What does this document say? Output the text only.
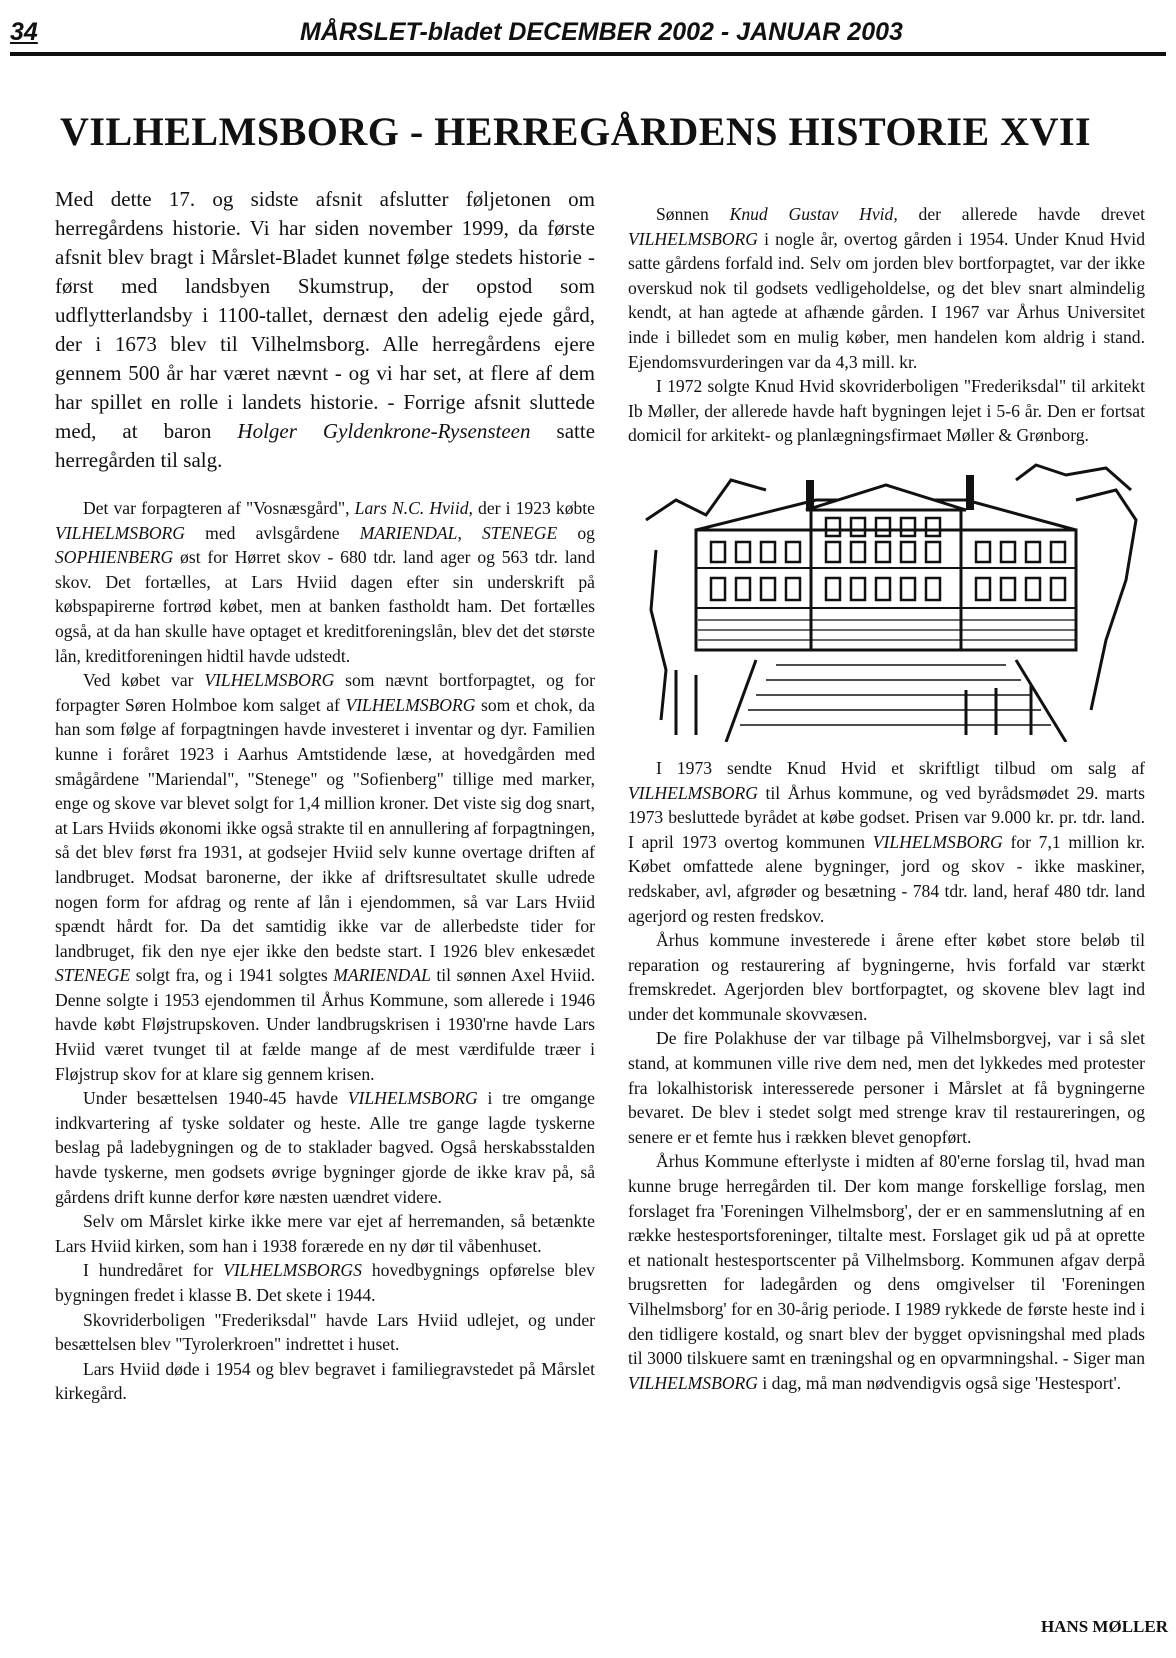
34	MÅRSLET-bladet DECEMBER 2002 - JANUAR 2003
VILHELMSBORG - HERREGÅRDENS HISTORIE XVII

Med dette 17. og sidste afsnit afslutter føljetonen om herregårdens historie. Vi har siden november 1999, da første afsnit blev bragt i Mårslet-Bladet kunnet følge stedets historie - først med landsbyen Skumstrup, der opstod som udflytterlandsby i 1100-tallet, dernæst den adelig ejede gård, der i 1673 blev til Vilhelmsborg. Alle herregårdens ejere gennem 500 år har været nævnt - og vi har set, at flere af dem har spillet en rolle i landets historie. - Forrige afsnit sluttede med, at baron Holger Gyldenkrone-Rysensteen satte herregården til salg.

Det var forpagteren af "Vosnæsgård", Lars N.C. Hviid, der i 1923 købte VILHELMSBORG med avlsgårdene MARIENDAL, STENEGE og SOPHIENBERG øst for Hørret skov - 680 tdr. land ager og 563 tdr. land skov. Det fortælles, at Lars Hviid dagen efter sin underskrift på købspapirerne fortrød købet, men at banken fastholdt ham. Det fortælles også, at da han skulle have optaget et kreditforeningslån, blev det det største lån, kreditforeningen hidtil havde udstedt.

Ved købet var VILHELMSBORG som nævnt bortforpagtet, og for forpagter Søren Holmboe kom salget af VILHELMSBORG som et chok, da han som følge af forpagtningen havde investeret i inventar og dyr. Familien kunne i foråret 1923 i Aarhus Amtstidende læse, at hovedgården med smågårdene "Mariendal", "Stenege" og "Sofienberg" tillige med marker, enge og skove var blevet solgt for 1,4 million kroner. Det viste sig dog snart, at Lars Hviids økonomi ikke også strakte til en annullering af forpagtningen, så det blev først fra 1931, at godsejer Hviid selv kunne overtage driften af landbruget. Modsat baronerne, der ikke af driftsresultatet skulle udrede nogen form for afdrag og rente af lån i ejendommen, så var Lars Hviid spændt hårdt for. Da det samtidig ikke var de allerbedste tider for landbruget, fik den nye ejer ikke den bedste start. I 1926 blev enkesædet STENEGE solgt fra, og i 1941 solgtes MARIENDAL til sønnen Axel Hviid. Denne solgte i 1953 ejendommen til Århus Kommune, som allerede i 1946 havde købt Fløjstrupskoven. Under landbrugskrisen i 1930'rne havde Lars Hviid været tvunget til at fælde mange af de mest værdifulde træer i Fløjstrup skov for at klare sig gennem krisen.

Under besættelsen 1940-45 havde VILHELMSBORG i tre omgange indkvartering af tyske soldater og heste. Alle tre gange lagde tyskerne beslag på ladebygningen og de to staklader bagved. Også herskabsstalden havde tyskerne, men godsets øvrige bygninger gjorde de ikke krav på, så gårdens drift kunne derfor køre næsten uændret videre.

Selv om Mårslet kirke ikke mere var ejet af herremanden, så betænkte Lars Hviid kirken, som han i 1938 forærede en ny dør til våbenhuset.

I hundredåret for VILHELMSBORGS hovedbygnings opførelse blev bygningen fredet i klasse B. Det skete i 1944.

Skovriderboligen "Frederiksdal" havde Lars Hviid udlejet, og under besættelsen blev "Tyrolerkroen" indrettet i huset.

Lars Hviid døde i 1954 og blev begravet i familiegravstedet på Mårslet kirkegård.

Sønnen Knud Gustav Hvid, der allerede havde drevet VILHELMSBORG i nogle år, overtog gården i 1954. Under Knud Hvid satte gårdens forfald ind. Selv om jorden blev bortforpagtet, var der ikke overskud nok til godsets vedligeholdelse, og det blev snart almindelig kendt, at han agtede at afhænde gården. I 1967 var Århus Universitet inde i billedet som en mulig køber, men handelen kom aldrig i stand. Ejendomsvurderingen var da 4,3 mill. kr.

I 1972 solgte Knud Hvid skovriderboligen "Frederiksdal" til arkitekt Ib Møller, der allerede havde haft bygningen lejet i 5-6 år. Den er fortsat domicil for arkitekt- og planlægningsfirmaet Møller & Grønborg.

I 1973 sendte Knud Hvid et skriftligt tilbud om salg af VILHELMSBORG til Århus kommune, og ved byrådsmødet 29. marts 1973 besluttede byrådet at købe godset. Prisen var 9.000 kr. pr. tdr. land. I april 1973 overtog kommunen VILHELMSBORG for 7,1 million kr. Købet omfattede alene bygninger, jord og skov - ikke maskiner, redskaber, avl, afgrøder og besætning - 784 tdr. land, heraf 480 tdr. land agerjord og resten fredskov.

Århus kommune investerede i årene efter købet store beløb til reparation og restaurering af bygningerne, hvis forfald var stærkt fremskredet. Agerjorden blev bortforpagtet, og skovene blev lagt ind under det kommunale skovvæsen.

De fire Polakhuse der var tilbage på Vilhelmsborgvej, var i så slet stand, at kommunen ville rive dem ned, men det lykkedes med protester fra lokalhistorisk interesserede personer i Mårslet at få bygningerne bevaret. De blev i stedet solgt med strenge krav til restaureringen, og senere er et femte hus i rækken blevet genopført.

Århus Kommune efterlyste i midten af 80'erne forslag til, hvad man kunne bruge herregården til. Der kom mange forskellige forslag, men forslaget fra 'Foreningen Vilhelmsborg', der er en sammenslutning af en række hestesportsforeninger, tiltalte mest. Forslaget gik ud på at oprette et nationalt hestesportscenter på Vilhelmsborg. Kommunen afgav derpå brugsretten for ladegården og dens omgivelser til 'Foreningen Vilhelmsborg' for en 30-årig periode. I 1989 rykkede de første heste ind i den tidligere kostald, og snart blev der bygget opvisningshal med plads til 3000 tilskuere samt en træningshal og en opvarmningshal. - Siger man VILHELMSBORG i dag, må man nødvendigvis også sige 'Hestesport'.

HANS MØLLER
